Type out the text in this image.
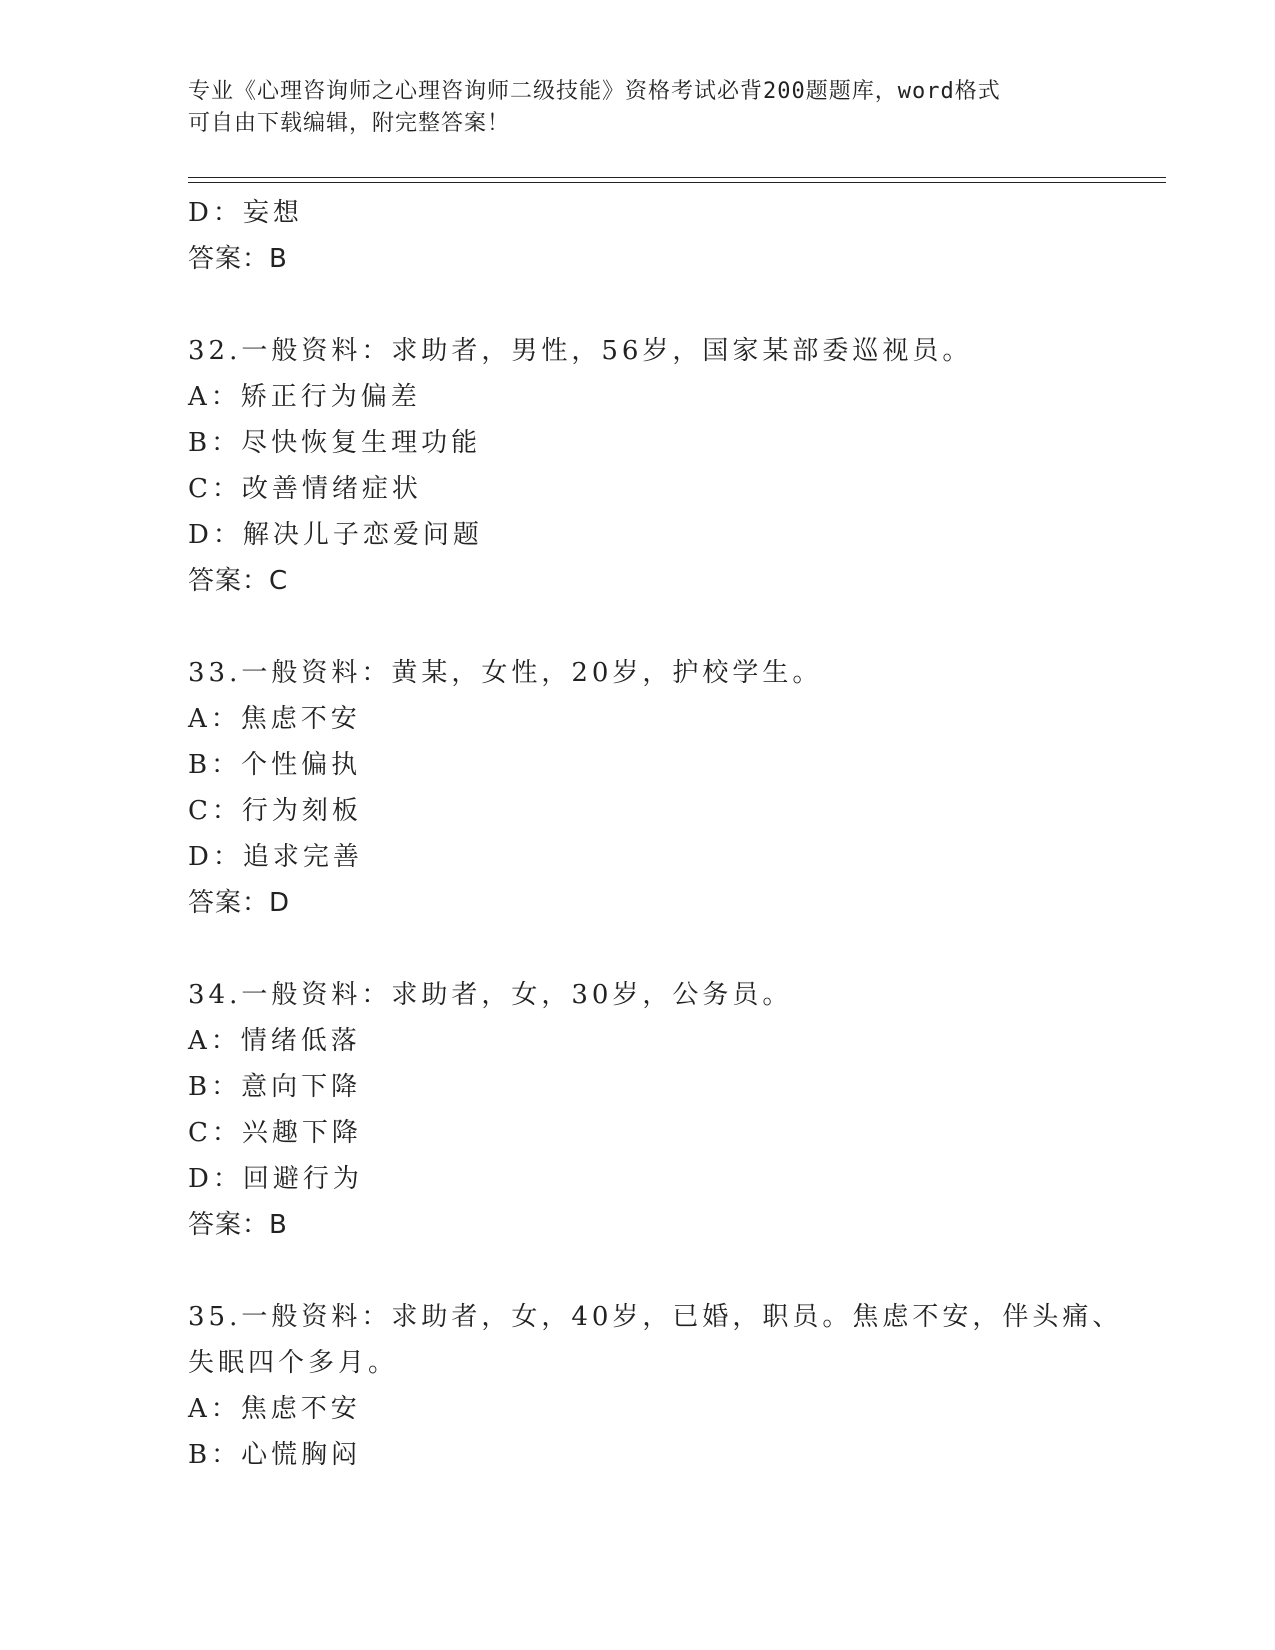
专业《心理咨询师之心理咨询师二级技能》资格考试必背200题题库，word格式
可自由下载编辑，附完整答案！
D：妄想
答案：B
32.一般资料：求助者，男性，56岁，国家某部委巡视员。
A：矫正行为偏差
B：尽快恢复生理功能
C：改善情绪症状
D：解决儿子恋爱问题
答案：C
33.一般资料：黄某，女性，20岁，护校学生。
A：焦虑不安
B：个性偏执
C：行为刻板
D：追求完善
答案：D
34.一般资料：求助者，女，30岁，公务员。
A：情绪低落
B：意向下降
C：兴趣下降
D：回避行为
答案：B
35.一般资料：求助者，女，40岁，已婚，职员。焦虑不安，伴头痛、
失眠四个多月。
A：焦虑不安
B：心慌胸闷
